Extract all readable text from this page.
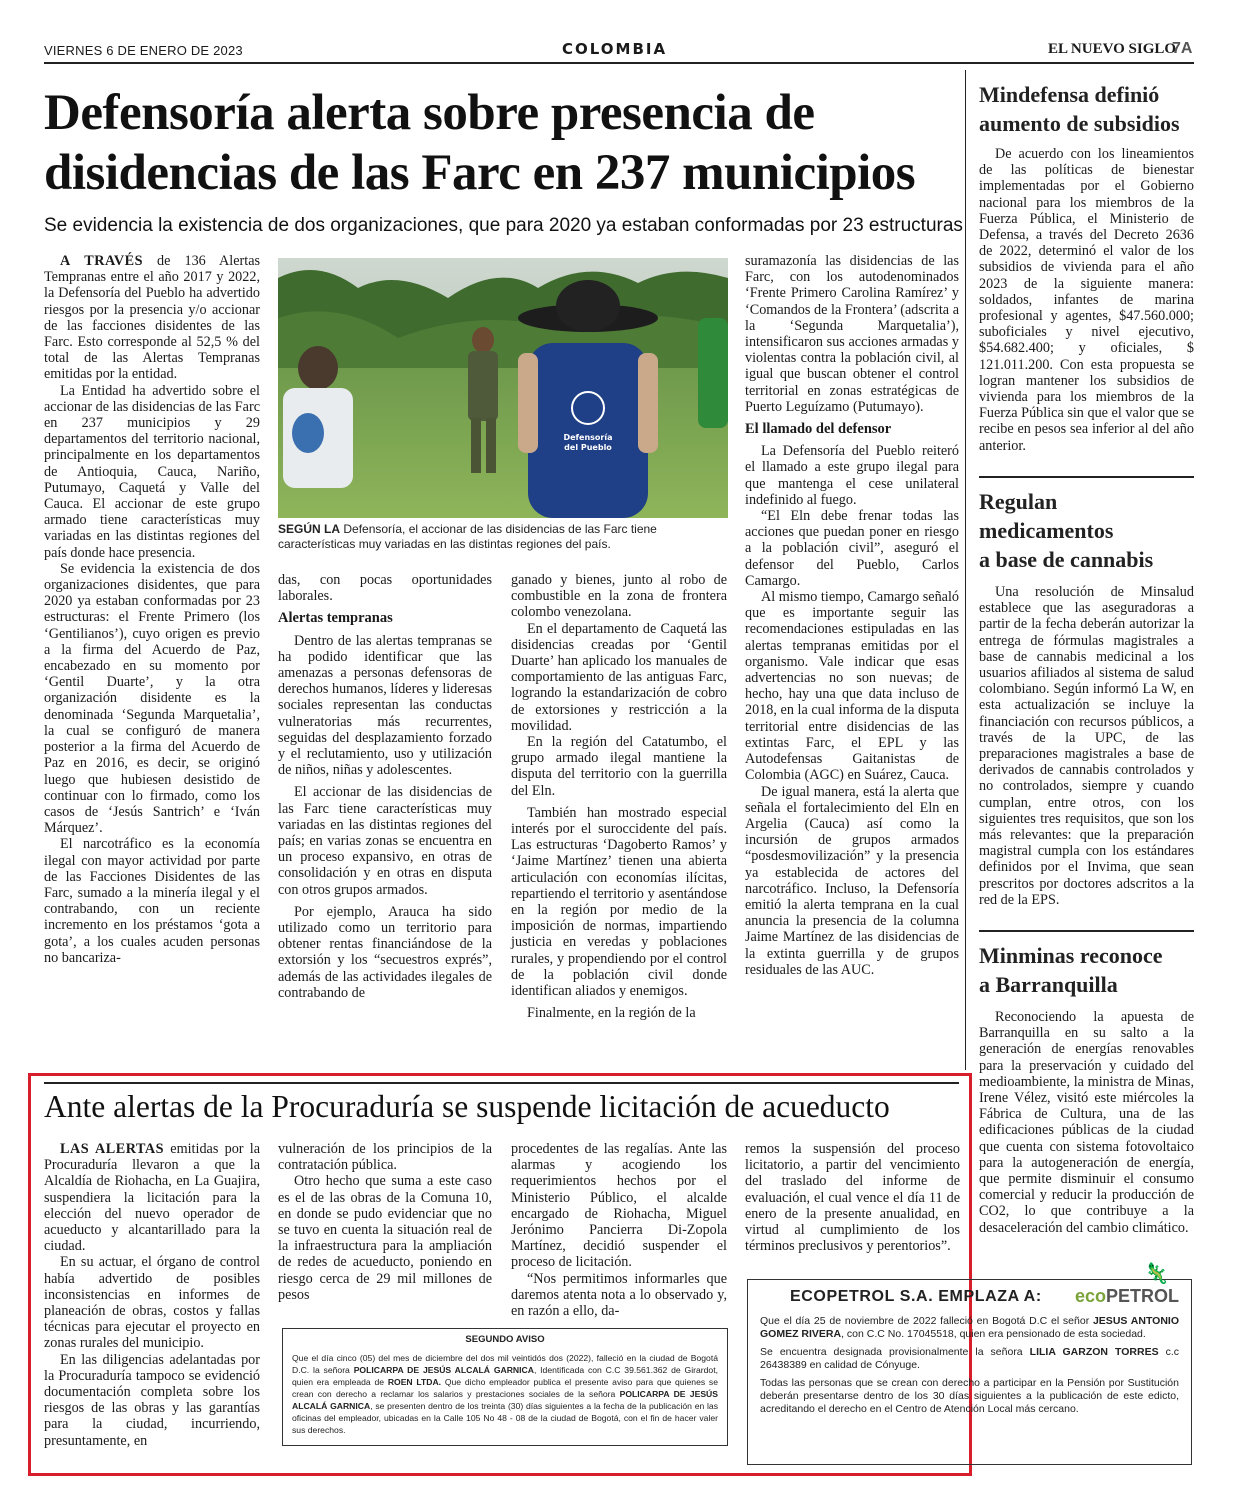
VIERNES 6 DE ENERO DE 2023	COLOMBIA	EL NUEVO SIGLO
7A
Defensoría alerta sobre presencia de
disidencias de las Farc en 237 municipios
Se evidencia la existencia de dos organizaciones, que para 2020 ya estaban conformadas por 23 estructuras

A TRAVÉS de 136 Alertas Tempranas entre el año 2017 y 2022, la Defensoría del Pueblo ha advertido riesgos por la presencia y/o accionar de las facciones disidentes de las Farc. Esto corresponde al 52,5 % del total de las Alertas Tempranas emitidas por la entidad.

La Entidad ha advertido sobre el accionar de las disidencias de las Farc en 237 municipios y 29 departamentos del territorio nacional, principalmente en los departamentos de Antioquia, Cauca, Nariño, Putumayo, Caquetá y Valle del Cauca. El accionar de este grupo armado tiene características muy variadas en las distintas regiones del país donde hace presencia.

Se evidencia la existencia de dos organizaciones disidentes, que para 2020 ya estaban conformadas por 23 estructuras: el Frente Primero (los ‘Gentilianos’), cuyo origen es previo a la firma del Acuerdo de Paz, encabezado en su momento por ‘Gentil Duarte’, y la otra organización disidente es la denominada ‘Segunda Marquetalia’, la cual se configuró de manera posterior a la firma del Acuerdo de Paz en 2016, es decir, se originó luego que hubiesen desistido de continuar con lo firmado, como los casos de ‘Jesús Santrich’ e ‘Iván Márquez’.

El narcotráfico es la economía ilegal con mayor actividad por parte de las Facciones Disidentes de las Farc, sumado a la minería ilegal y el contrabando, con un reciente incremento en los préstamos ‘gota a gota’, a los cuales acuden personas no bancariza-

Defensoría
del Pueblo
SEGÚN LA Defensoría, el accionar de las disidencias de las Farc tiene características muy variadas en las distintas regiones del país.

das, con pocas oportunidades laborales.

Alertas tempranas

Dentro de las alertas tempranas se ha podido identificar que las amenazas a personas defensoras de derechos humanos, líderes y lideresas sociales representan las conductas vulneratorias más recurrentes, seguidas del desplazamiento forzado y el reclutamiento, uso y utilización de niños, niñas y adolescentes.

El accionar de las disidencias de las Farc tiene características muy variadas en las distintas regiones del país; en varias zonas se encuentra en un proceso expansivo, en otras de consolidación y en otras en disputa con otros grupos armados.

Por ejemplo, Arauca ha sido utilizado como un territorio para obtener rentas financiándose de la extorsión y los “secuestros exprés”, además de las actividades ilegales de contrabando de

ganado y bienes, junto al robo de combustible en la zona de frontera colombo venezolana.

En el departamento de Caquetá las disidencias creadas por ‘Gentil Duarte’ han aplicado los manuales de comportamiento de las antiguas Farc, logrando la estandarización de cobro de extorsiones y restricción a la movilidad.

En la región del Catatumbo, el grupo armado ilegal mantiene la disputa del territorio con la guerrilla del Eln.

También han mostrado especial interés por el suroccidente del país. Las estructuras ‘Dagoberto Ramos’ y ‘Jaime Martínez’ tienen una abierta articulación con economías ilícitas, repartiendo el territorio y asentándose en la región por medio de la imposición de normas, impartiendo justicia en veredas y poblaciones rurales, y propendiendo por el control de la población civil donde identifican aliados y enemigos.

Finalmente, en la región de la

suramazonía las disidencias de las Farc, con los autodenominados ‘Frente Primero Carolina Ramírez’ y ‘Comandos de la Frontera’ (adscrita a la ‘Segunda Marquetalia’), intensificaron sus acciones armadas y violentas contra la población civil, al igual que buscan obtener el control territorial en zonas estratégicas de Puerto Leguízamo (Putumayo).

El llamado del defensor

La Defensoría del Pueblo reiteró el llamado a este grupo ilegal para que mantenga el cese unilateral indefinido al fuego.

“El Eln debe frenar todas las acciones que puedan poner en riesgo a la población civil”, aseguró el defensor del Pueblo, Carlos Camargo.

Al mismo tiempo, Camargo señaló que es importante seguir las recomendaciones estipuladas en las alertas tempranas emitidas por el organismo. Vale indicar que esas advertencias no son nuevas; de hecho, hay una que data incluso de 2018, en la cual informa de la disputa territorial entre disidencias de las extintas Farc, el EPL y las Autodefensas Gaitanistas de Colombia (AGC) en Suárez, Cauca.

De igual manera, está la alerta que señala el fortalecimiento del Eln en Argelia (Cauca) así como la incursión de grupos armados “posdesmovilización” y la presencia ya establecida de actores del narcotráfico. Incluso, la Defensoría emitió la alerta temprana en la cual anuncia la presencia de la columna Jaime Martínez de las disidencias de la extinta guerrilla y de grupos residuales de las AUC.

Mindefensa definió
aumento de subsidios

De acuerdo con los lineamientos de las políticas de bienestar implementadas por el Gobierno nacional para los miembros de la Fuerza Pública, el Ministerio de Defensa, a través del Decreto 2636 de 2022, determinó el valor de los subsidios de vivienda para el año 2023 de la siguiente manera: soldados, infantes de marina profesional y agentes, $47.560.000; suboficiales y nivel ejecutivo, $54.682.400; y oficiales, $ 121.011.200. Con esta propuesta se logran mantener los subsidios de vivienda para los miembros de la Fuerza Pública sin que el valor que se recibe en pesos sea inferior al del año anterior.

Regulan
medicamentos
a base de cannabis

Una resolución de Minsalud establece que las aseguradoras a partir de la fecha deberán autorizar la entrega de fórmulas magistrales a base de cannabis medicinal a los usuarios afiliados al sistema de salud colombiano. Según informó La W, en esta actualización se incluye la financiación con recursos públicos, a través de la UPC, de las preparaciones magistrales a base de derivados de cannabis controlados y no controlados, siempre y cuando cumplan, entre otros, con los siguientes tres requisitos, que son los más relevantes: que la preparación magistral cumpla con los estándares definidos por el Invima, que sean prescritos por doctores adscritos a la red de la EPS.

Minminas reconoce
a Barranquilla

Reconociendo la apuesta de Barranquilla en su salto a la generación de energías renovables para la preservación y cuidado del medioambiente, la ministra de Minas, Irene Vélez, visitó este miércoles la Fábrica de Cultura, una de las edificaciones públicas de la ciudad que cuenta con sistema fotovoltaico para la autogeneración de energía, que permite disminuir el consumo comercial y reducir la producción de CO2, lo que contribuye a la desaceleración del cambio climático.

Ante alertas de la Procuraduría se suspende licitación de acueducto

LAS ALERTAS emitidas por la Procuraduría llevaron a que la Alcaldía de Riohacha, en La Guajira, suspendiera la licitación para la elección del nuevo operador de acueducto y alcantarillado para la ciudad.

En su actuar, el órgano de control había advertido de posibles inconsistencias en informes de planeación de obras, costos y fallas técnicas para ejecutar el proyecto en zonas rurales del municipio.

En las diligencias adelantadas por la Procuraduría tampoco se evidenció documentación completa sobre los riesgos de las obras y las garantías para la ciudad, incurriendo, presuntamente, en

vulneración de los principios de la contratación pública.

Otro hecho que suma a este caso es el de las obras de la Comuna 10, en donde se pudo evidenciar que no se tuvo en cuenta la situación real de la infraestructura para la ampliación de redes de acueducto, poniendo en riesgo cerca de 29 mil millones de pesos

procedentes de las regalías. Ante las alarmas y acogiendo los requerimientos hechos por el Ministerio Público, el alcalde encargado de Riohacha, Miguel Jerónimo Pancierra Di-Zopola Martínez, decidió suspender el proceso de licitación.

“Nos permitimos informarles que daremos atenta nota a lo observado y, en razón a ello, da-

remos la suspensión del proceso licitatorio, a partir del vencimiento del traslado del informe de evaluación, el cual vence el día 11 de enero de la presente anualidad, en virtud al cumplimiento de los términos preclusivos y perentorios”.

SEGUNDO AVISO
Que el día cinco (05) del mes de diciembre del dos mil veintidós dos (2022), falleció en la ciudad de Bogotá D.C. la señora POLICARPA DE JESÚS ALCALÁ GARNICA, Identificada con C.C 39.561.362 de Girardot, quien era empleada de ROEN LTDA. Que dicho empleador publica el presente aviso para que quienes se crean con derecho a reclamar los salarios y prestaciones sociales de la señora POLICARPA DE JESÚS ALCALÁ GARNICA, se presenten dentro de los treinta (30) días siguientes a la fecha de la publicación en las oficinas del empleador, ubicadas en la Calle 105 No 48 - 08 de la ciudad de Bogotá, con el fin de hacer valer sus derechos.
ECOPETROL S.A. EMPLAZA A:
🦎
ecoPETROL
Que el día 25 de noviembre de 2022 falleció en Bogotá D.C el señor JESUS ANTONIO GOMEZ RIVERA, con C.C No. 17045518, quien era pensionado de esta sociedad.
Se encuentra designada provisionalmente la señora LILIA GARZON TORRES c.c 26438389 en calidad de Cónyuge.
Todas las personas que se crean con derecho a participar en la Pensión por Sustitución deberán presentarse dentro de los 30 días siguientes a la publicación de este edicto, acreditando el derecho en el Centro de Atención Local más cercano.
